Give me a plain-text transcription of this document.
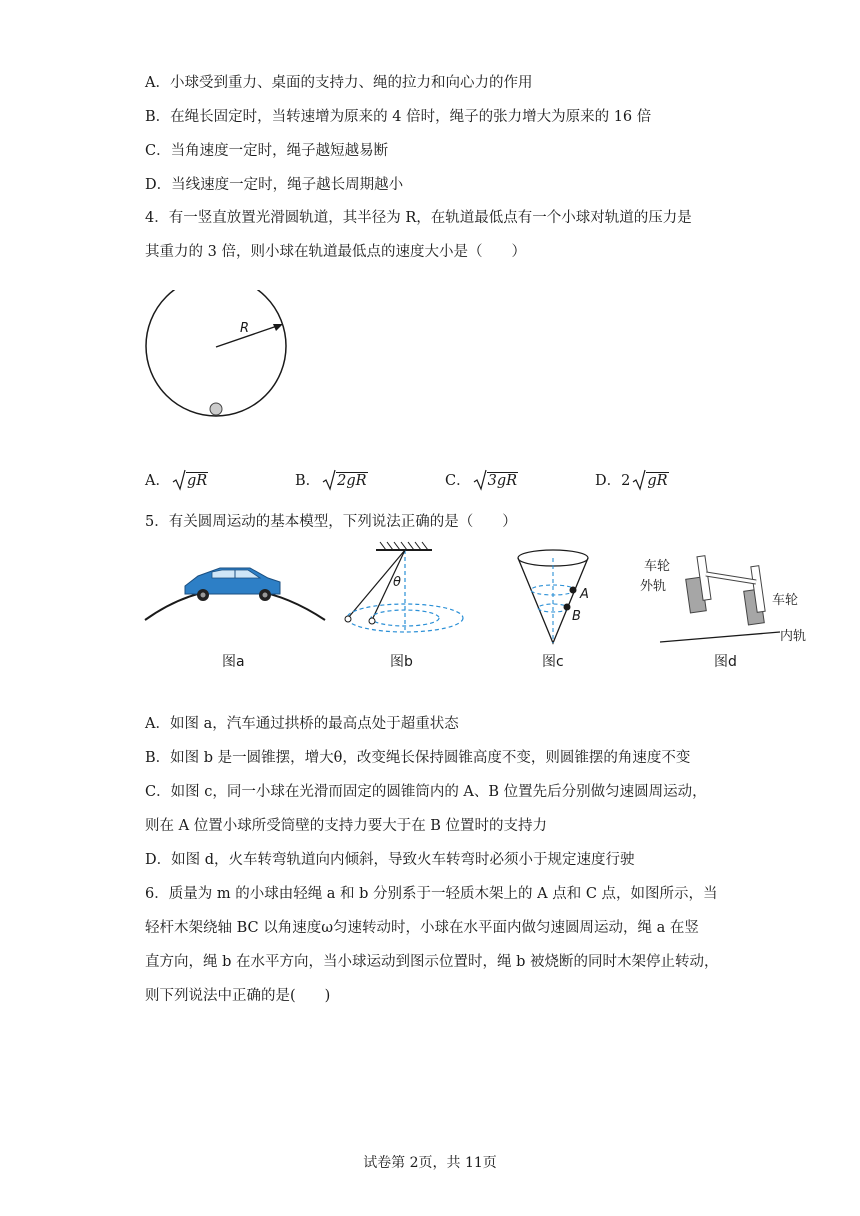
A．小球受到重力、桌面的支持力、绳的拉力和向心力的作用
B．在绳长固定时，当转速增为原来的 4 倍时，绳子的张力增大为原来的 16 倍
C．当角速度一定时，绳子越短越易断
D．当线速度一定时，绳子越长周期越小
4．有一竖直放置光滑圆轨道，其半径为 R，在轨道最低点有一个小球对轨道的压力是
其重力的 3 倍，则小球在轨道最低点的速度大小是（　　）
R
A． gR	B． 2gR	C． 3gR	D．2 gR
5．有关圆周运动的基本模型，下列说法正确的是（　　）
图a
θ
图b
A
B
图c
车轮
外轨
车轮
内轨
图d
A．如图 a，汽车通过拱桥的最高点处于超重状态
B．如图 b 是一圆锥摆，增大θ，改变绳长保持圆锥高度不变，则圆锥摆的角速度不变
C．如图 c，同一小球在光滑而固定的圆锥筒内的 A、B 位置先后分别做匀速圆周运动，
则在 A 位置小球所受筒壁的支持力要大于在 B 位置时的支持力
D．如图 d，火车转弯轨道向内倾斜，导致火车转弯时必须小于规定速度行驶
6．质量为 m 的小球由轻绳 a 和 b 分别系于一轻质木架上的 A 点和 C 点，如图所示，当
轻杆木架绕轴 BC 以角速度ω匀速转动时，小球在水平面内做匀速圆周运动，绳 a 在竖
直方向，绳 b 在水平方向，当小球运动到图示位置时，绳 b 被烧断的同时木架停止转动，
则下列说法中正确的是(　　)
试卷第 2页，共 11页
